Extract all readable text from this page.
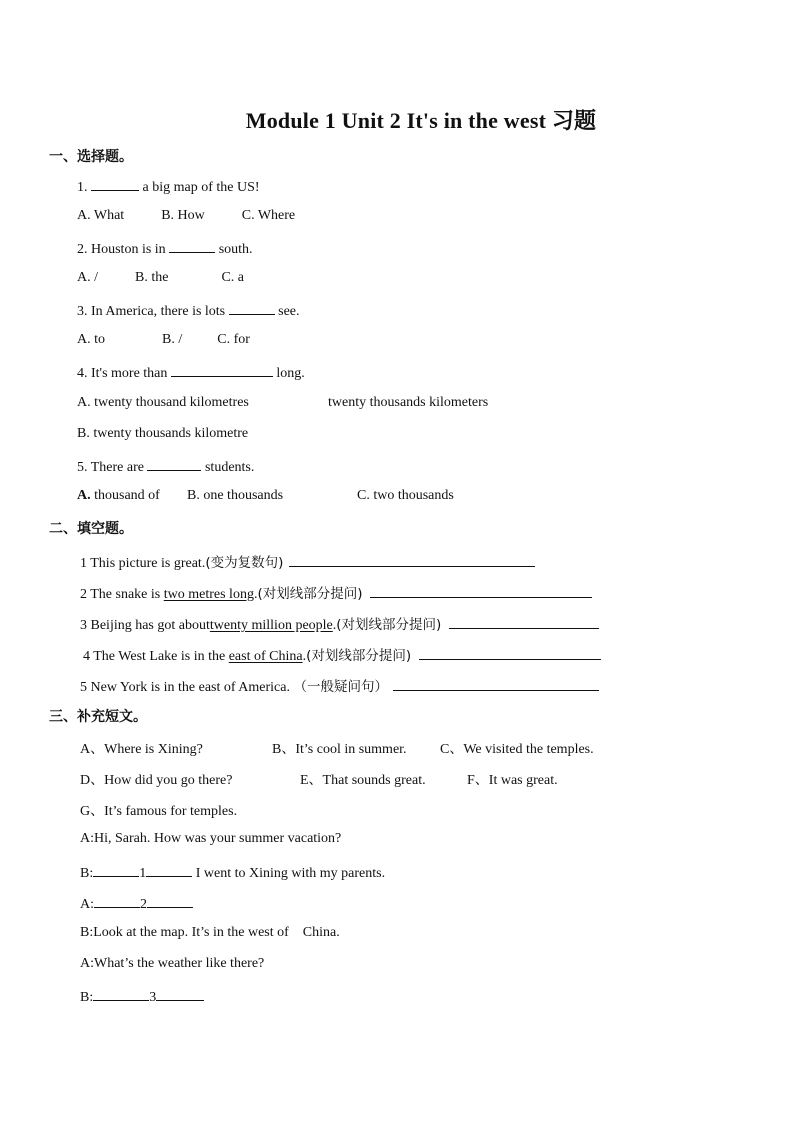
Module 1 Unit 2 It's in the west 习题
一、选择题。
1.	a big map of the US!
A. What	B. How	C. Where
2. Houston is in	south.
A. /	B. the	C. a
3. In America, there is lots	see.
A. to	B. /	C. for
4. It's more than	long.
A. twenty thousand kilometres	twenty thousands kilometers
B. twenty thousands kilometre
5. There are	students.
A. thousand of B. one thousands	C. two thousands
二、填空题。
1 This picture is great.(变为复数句)
2 The snake is two metres long.(对划线部分提问)
3 Beijing has got abouttwenty million people.(对划线部分提问)
4 The West Lake is in the east of China.(对划线部分提问)
5 New York is in the east of America. （一般疑问句）
三、补充短文。
A、Where is Xining?	B、It’s cool in summer. C、We visited the temples.
D、How did you go there?	E、That sounds great.	F、It was great.
G、It’s famous for temples.
A:Hi, Sarah. How was your summer vacation?
B:	1	I went to Xining with my parents.
A:	2
B:Look at the map. It’s in the west of    China.
A:What’s the weather like there?
B:	3
